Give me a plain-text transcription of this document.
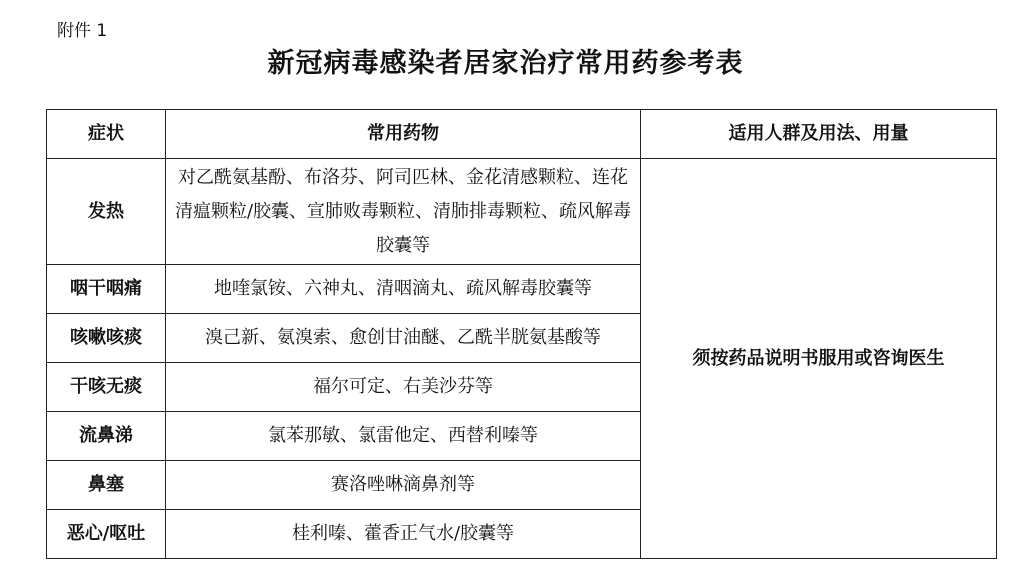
附件 1
新冠病毒感染者居家治疗常用药参考表
症状	常用药物	适用人群及用法、用量
发热	对乙酰氨基酚、布洛芬、阿司匹林、金花清感颗粒、连花清瘟颗粒/胶囊、宣肺败毒颗粒、清肺排毒颗粒、疏风解毒胶囊等	须按药品说明书服用或咨询医生
咽干咽痛	地喹氯铵、六神丸、清咽滴丸、疏风解毒胶囊等	
咳嗽咳痰	溴己新、氨溴索、愈创甘油醚、乙酰半胱氨基酸等	
干咳无痰	福尔可定、右美沙芬等	
流鼻涕	氯苯那敏、氯雷他定、西替利嗪等	
鼻塞	赛洛唑啉滴鼻剂等	
恶心/呕吐	桂利嗪、藿香正气水/胶囊等	
